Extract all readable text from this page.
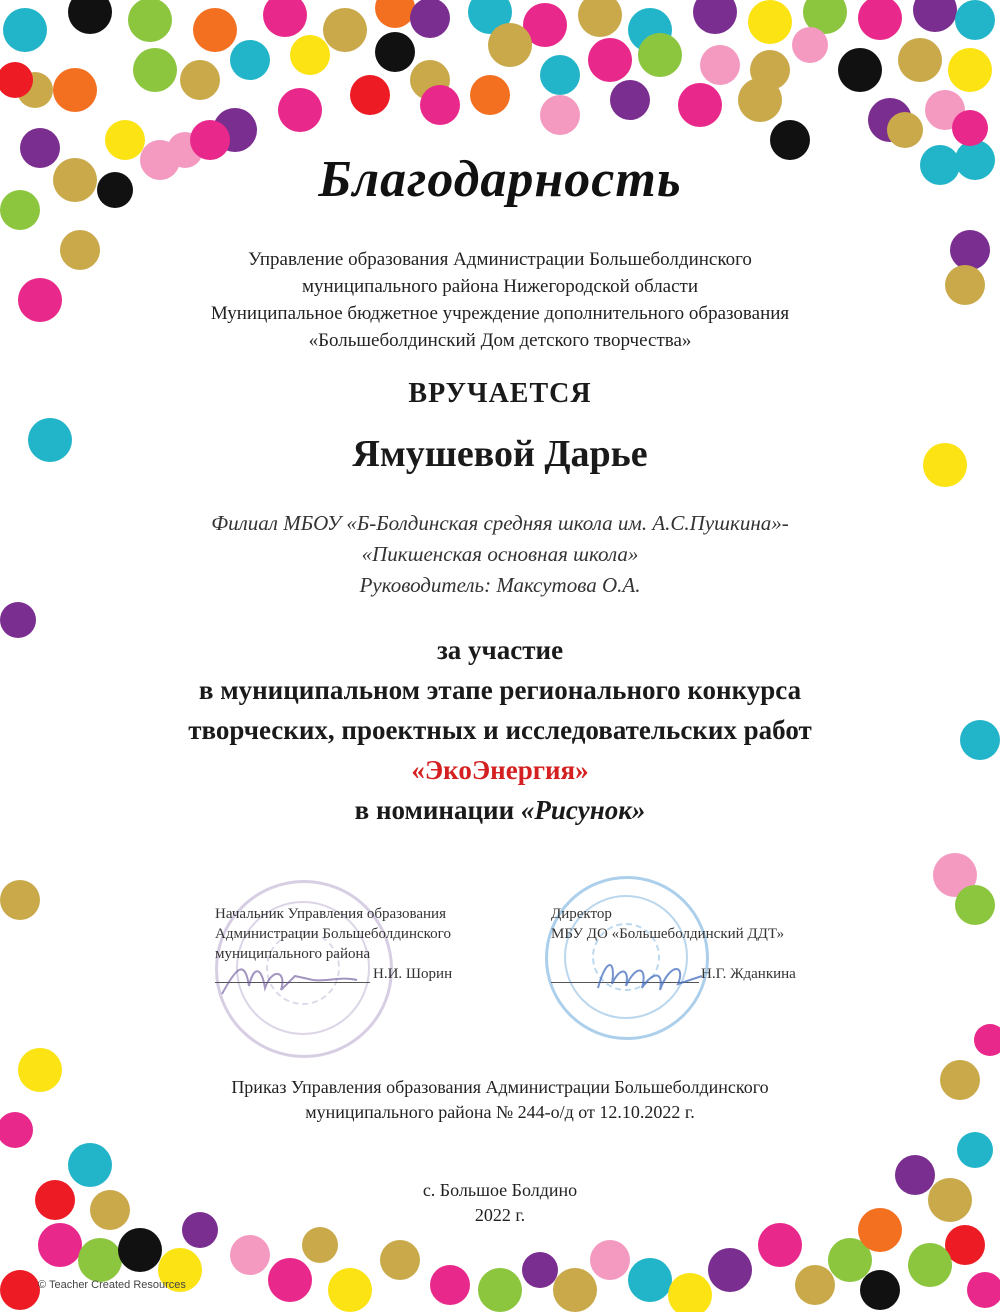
Благодарность
Управление образования Администрации Большеболдинского
муниципального района Нижегородской области
Муниципальное бюджетное учреждение дополнительного образования
«Большеболдинский Дом детского творчества»
ВРУЧАЕТСЯ
Ямушевой Дарье
Филиал МБОУ «Б-Болдинская средняя школа им. А.С.Пушкина»-
«Пикшенская основная школа»
Руководитель: Максутова О.А.
за участие
в муниципальном этапе регионального конкурса
творческих, проектных и исследовательских работ
«ЭкоЭнергия»
в номинации «Рисунок»
Начальник Управления образования
Администрации Большеболдинского
муниципального района
Н.И. Шорин
Директор
МБУ ДО «Большеболдинский ДДТ»
Н.Г. Жданкина
Приказ Управления образования Администрации Большеболдинского
муниципального района № 244-о/д от 12.10.2022 г.
с. Большое Болдино
2022 г.
© Teacher Created Resources
